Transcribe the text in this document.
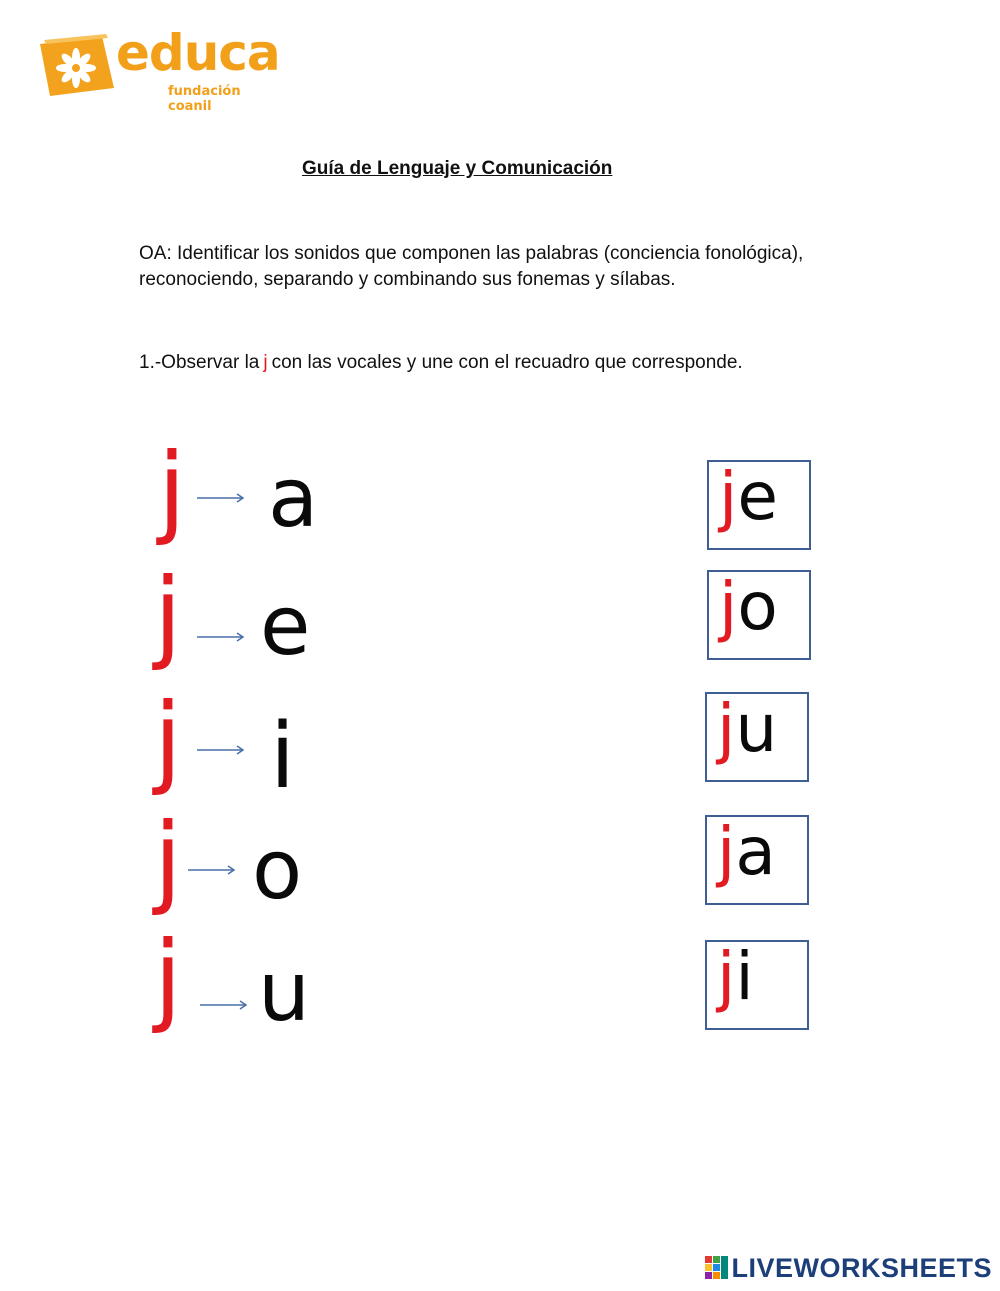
educa
fundación coanil
Guía de Lenguaje y Comunicación
OA: Identificar los sonidos que componen las palabras (conciencia fonológica), reconociendo, separando y combinando sus fonemas y sílabas.
1.-Observar la j con las vocales y une con el recuadro que corresponde.
j a
j e
j i
j o
j u
je
jo
ju
ja
ji
LIVEWORKSHEETS
